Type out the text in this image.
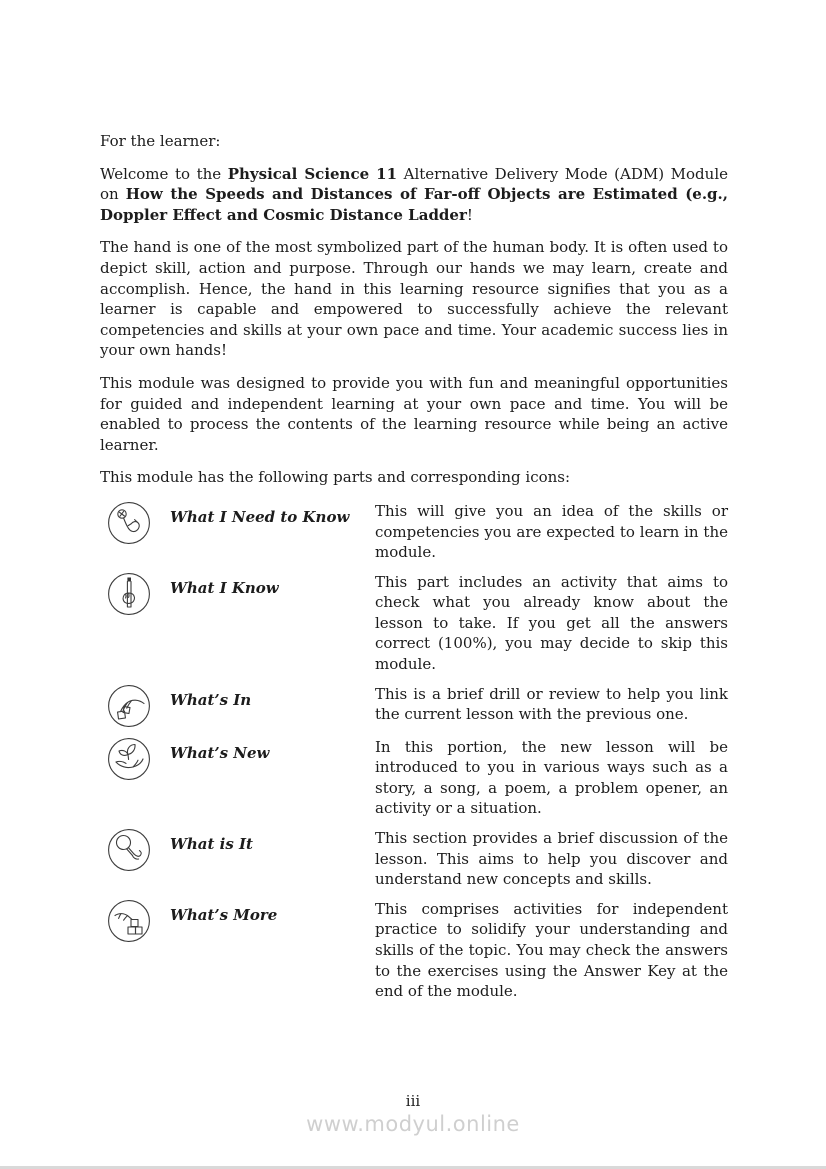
For the learner:

Welcome to the Physical Science 11 Alternative Delivery Mode (ADM) Module on How the Speeds and Distances of Far-off Objects are Estimated (e.g., Doppler Effect and Cosmic Distance Ladder!

The hand is one of the most symbolized part of the human body. It is often used to depict skill, action and purpose. Through our hands we may learn, create and accomplish. Hence, the hand in this learning resource signifies that you as a learner is capable and empowered to successfully achieve the relevant competencies and skills at your own pace and time. Your academic success lies in your own hands!

This module was designed to provide you with fun and meaningful opportunities for guided and independent learning at your own pace and time. You will be enabled to process the contents of the learning resource while being an active learner.

This module has the following parts and corresponding icons:

What I Need to Know	This will give you an idea of the skills or competencies you are expected to learn in the module.
What I Know	This part includes an activity that aims to check what you already know about the lesson to take. If you get all the answers correct (100%), you may decide to skip this module.
What’s In	This is a brief drill or review to help you link the current lesson with the previous one.
What’s New	In this portion, the new lesson will be introduced to you in various ways such as a story, a song, a poem, a problem opener, an activity or a situation.
What is It	This section provides a brief discussion of the lesson. This aims to help you discover and understand new concepts and skills.
What’s More	This comprises activities for independent practice to solidify your understanding and skills of the topic. You may check the answers to the exercises using the Answer Key at the end of the module.
iii
www.modyul.online
